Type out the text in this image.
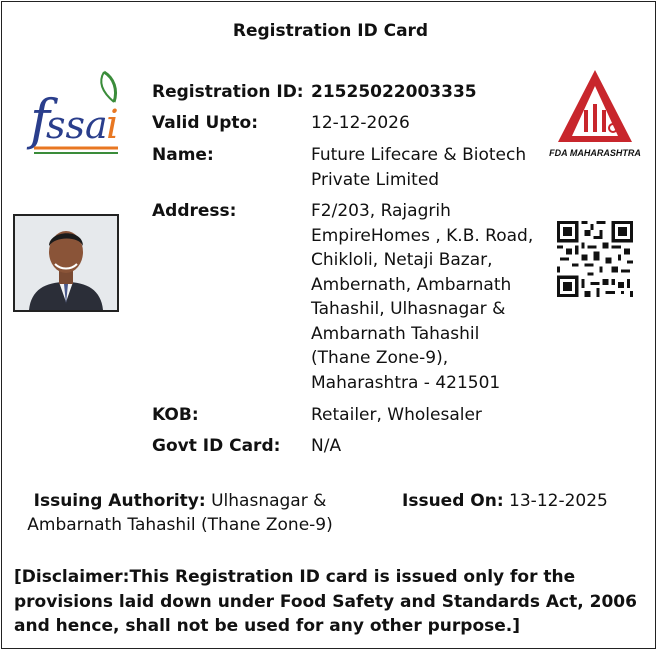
Registration ID Card
f
ssa
i
FDA MAHARASHTRA
Registration ID: 21525022003335
Valid Upto:	12-12-2026
Name:	Future Lifecare & Biotech Private Limited
Address:	F2/203, Rajagrih EmpireHomes , K.B. Road, Chikloli, Netaji Bazar, Ambernath, Ambarnath Tahashil, Ulhasnagar & Ambarnath Tahashil (Thane Zone-9), Maharashtra - 421501
KOB:	Retailer, Wholesaler
Govt ID Card:	N/A
Issuing Authority: Ulhasnagar & Ambarnath Tahashil (Thane Zone-9)
Issued On: 13-12-2025
[Disclaimer:This Registration ID card is issued only for the provisions laid down under Food Safety and Standards Act, 2006 and hence, shall not be used for any other purpose.]
